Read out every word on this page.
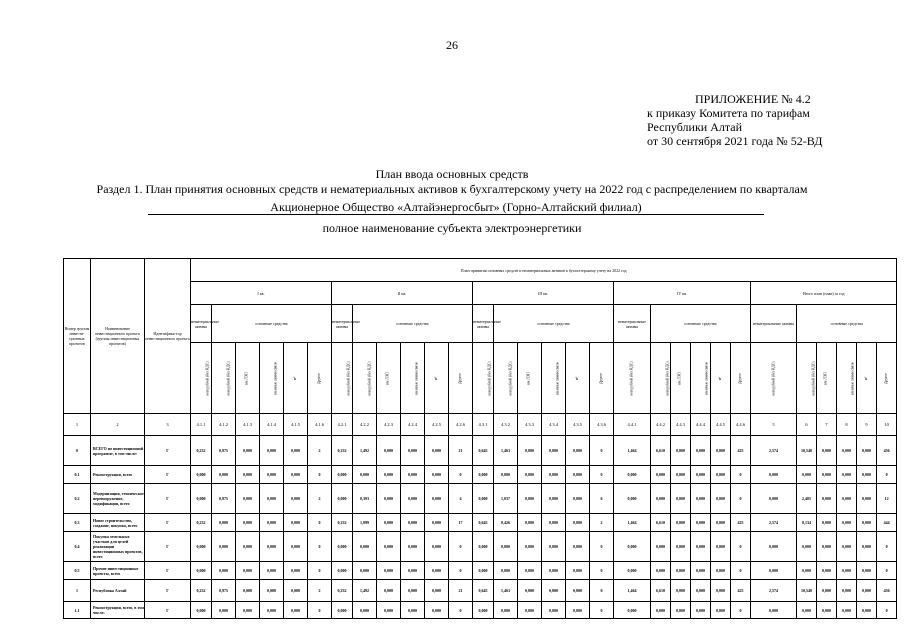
26
ПРИЛОЖЕНИЕ № 4.2
к приказу Комитета по тарифам
Республики Алтай
от 30 сентября 2021 года № 52-ВД
План ввода основных средств
Раздел 1. План принятия основных средств и нематериальных активов к бухгалтерскому учету на 2022 год с распределением по кварталам
Акционерное Общество «Алтайэнергосбыт» (Горно-Алтайский филиал)
полное наименование субъекта электроэнергетики
Номер группы инвести-ционных проектов	Наименование инвестиционного проекта (группы инвестиционных проектов)	Идентифика-тор инвестиционного проекта	План принятия основных средств и нематериальных активов к бухгалтерскому учету на 2022 год																													
			I кв.						II кв.						III кв.						IV кв.						Итого план (план) за год					
			нематериальные активы	основные средства					нематериальные активы	основные средства					нематериальные активы	основные средства					нематериальные активы	основные средства					нематериальные активы	основные средства				
			млн рублей (без НДС)	млн рублей (без НДС)	км ЛЭП	км иные линии связи	м²	Другое	млн рублей (без НДС)	млн рублей (без НДС)	км ЛЭП	км иные линии связи	м²	Другое	млн рублей (без НДС)	млн рублей (без НДС)	км ЛЭП	км иные линии связи	м²	Другое	млн рублей (без НДС)	млн рублей (без НДС)	км ЛЭП	км иные линии связи	м²	Другое	млн рублей (без НДС)	млн рублей (без НДС)	км ЛЭП	км иные линии связи	м²	Другое
1	2	3	4.1.1	4.1.2	4.1.3	4.1.4	4.1.5	4.1.6	4.2.1	4.2.2	4.2.3	4.2.4	4.2.5	4.2.6	4.3.1	4.3.2	4.3.3	4.3.4	4.3.5	4.3.6	4.4.1	4.4.2	4.4.3	4.4.4	4.4.5	4.4.6	5	6	7	8	9	10
0	ВСЕГО по инвестиционной программе, в том числе:	Г	0,232	0,975	0,000	0,000	0,000	2	0,232	1,492	0,000	0,000	0,000	21	0,645	1,463	0,000	0,000	0,000	0	1,464	6,610	0,000	0,000	0,000	425	2,574	10,540	0,000	0,000	0,000	456
0.1	Реконструкция, всего	Г	0,000	0,000	0,000	0,000	0,000	0	0,000	0,000	0,000	0,000	0,000	0	0,000	0,000	0,000	0,000	0,000	0	0,000	0,000	0,000	0,000	0,000	0	0,000	0,000	0,000	0,000	0,000	0
0.2	Модернизация, техническое перевооружение, модификация, всего	Г	0,000	0,975	0,000	0,000	0,000	2	0,000	0,393	0,000	0,000	0,000	4	0,000	1,037	0,000	0,000	0,000	6	0,000	0,000	0,000	0,000	0,000	0	0,000	2,405	0,000	0,000	0,000	12
0.3	Новое строительство, создание, покупка, всего	Г	0,232	0,000	0,000	0,000	0,000	0	0,232	1,099	0,000	0,000	0,000	17	0,645	0,426	0,000	0,000	0,000	2	1,464	6,610	0,000	0,000	0,000	425	2,574	8,134	0,000	0,000	0,000	444
0.4	Покупка земельных участков для целей реализации инвестиционных проектов, всего	Г	0,000	0,000	0,000	0,000	0,000	0	0,000	0,000	0,000	0,000	0,000	0	0,000	0,000	0,000	0,000	0,000	0	0,000	0,000	0,000	0,000	0,000	0	0,000	0,000	0,000	0,000	0,000	0
0.5	Прочие инвестиционные проекты, всего	Г	0,000	0,000	0,000	0,000	0,000	0	0,000	0,000	0,000	0,000	0,000	0	0,000	0,000	0,000	0,000	0,000	0	0,000	0,000	0,000	0,000	0,000	0	0,000	0,000	0,000	0,000	0,000	0
1	Республика Алтай	Г	0,232	0,975	0,000	0,000	0,000	2	0,232	1,492	0,000	0,000	0,000	21	0,645	1,463	0,000	0,000	0,000	0	1,464	6,610	0,000	0,000	0,000	425	2,574	10,540	0,000	0,000	0,000	456
1.1	Реконструкция, всего, в том числе:	Г	0,000	0,000	0,000	0,000	0,000	0	0,000	0,000	0,000	0,000	0,000	0	0,000	0,000	0,000	0,000	0,000	0	0,000	0,000	0,000	0,000	0,000	0	0,000	0,000	0,000	0,000	0,000	0
